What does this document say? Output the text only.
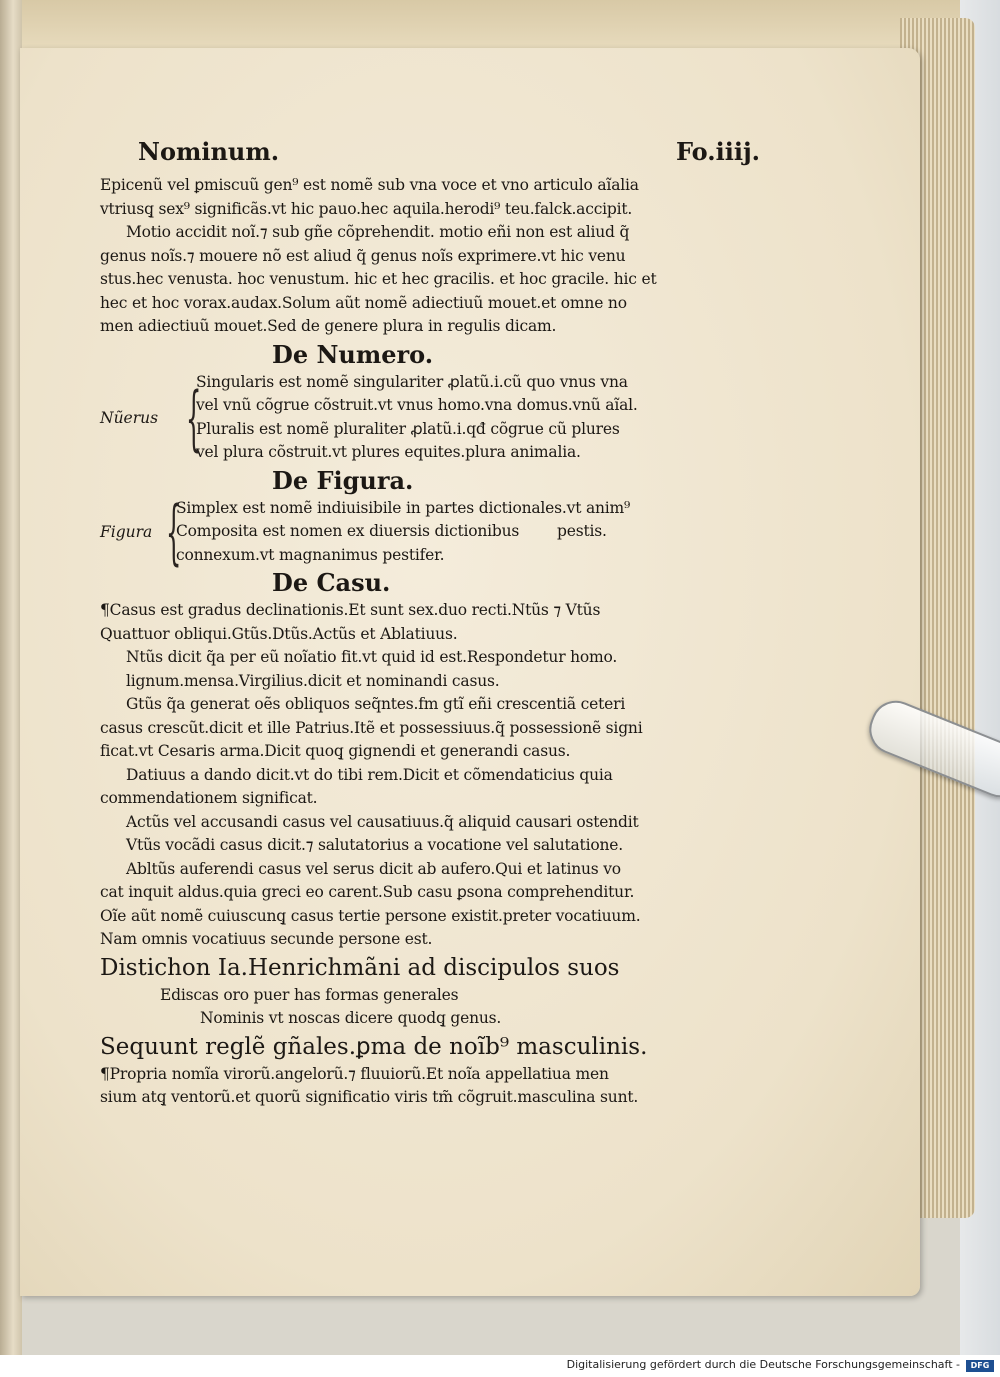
Nominum.	Fo.iiij.
Epicenũ vel ꝑmiscuũ gen⁹ est nomẽ sub vna voce et vno articulo aĩalia
vtriusq̧ sex⁹ significãs.vt hic pauo.hec aquila.herodi⁹ teu.falck.accipit.
Motio accidit noĩ.⁊ sub gñe cõprehendit. motio eñi non est aliud q̃
genus noĩs.⁊ mouere nõ est aliud q̃ genus noĩs exprimere.vt hic venu
stus.hec venusta. hoc venustum. hic et hec gracilis. et hoc gracile. hic et
hec et hoc vorax.audax.Solum aũt nomẽ adiectiuũ mouet.et omne no
men adiectiuũ mouet.Sed de genere plura in regulis dicam.
De Numero.
Nũerus {
Singularis est nomẽ singulariter ꝓlatũ.i.cũ quo vnus vna
vel vnũ cõgrue cõstruit.vt vnus homo.vna domus.vnũ aĩal.
Pluralis est nomẽ pluraliter ꝓlatũ.i.qđ cõgrue cũ plures
vel plura cõstruit.vt plures equites.plura animalia.
De Figura.
Figura {
Simplex est nomẽ indiuisibile in partes dictionales.vt anim⁹
Composita est nomen ex diuersis dictionibus        pestis.
connexum.vt magnanimus pestifer.
De Casu.
¶Casus est gradus declinationis.Et sunt sex.duo recti.Ntũs ⁊ Vtũs
Quattuor obliqui.Gtũs.Dtũs.Actũs et Ablatiuus.
Ntũs dicit q̃a per eũ noĩatio fit.vt quid id est.Respondetur homo.
lignum.mensa.Virgilius.dicit et nominandi casus.
Gtũs q̃a generat oẽs obliquos seq̃ntes.fm gtĩ eñi crescentiã ceteri
casus crescũt.dicit et ille Patrius.Itẽ et possessiuus.q̃ possessionẽ signi
ficat.vt Cesaris arma.Dicit quoq̧ gignendi et generandi casus.
Datiuus a dando dicit.vt do tibi rem.Dicit et cõmendaticius quia
commendationem significat.
Actũs vel accusandi casus vel causatiuus.q̃ aliquid causari ostendit
Vtũs vocãdi casus dicit.⁊ salutatorius a vocatione vel salutatione.
Abltũs auferendi casus vel serus dicit ab aufero.Qui et latinus vo
cat inquit aldus.quia greci eo carent.Sub casu ꝑsona comprehenditur.
Oĩe aũt nomẽ cuiuscunq̧ casus tertie persone existit.preter vocatiuum.
Nam omnis vocatiuus secunde persone est.
Distichon Ia.Henrichmãni ad discipulos suos
Ediscas oro puer has formas generales
Nominis vt noscas dicere quodq̧ genus.
Sequunt reglẽ gñales.ꝑma de noĩb⁹ masculinis.
¶Propria nomĩa virorũ.angelorũ.⁊ fluuiorũ.Et noĩa appellatiua men
sium atq̧ ventorũ.et quorũ significatio viris tm̃ cõgruit.masculina sunt.
Digitalisierung gefördert durch die Deutsche Forschungsgemeinschaft -	DFG
